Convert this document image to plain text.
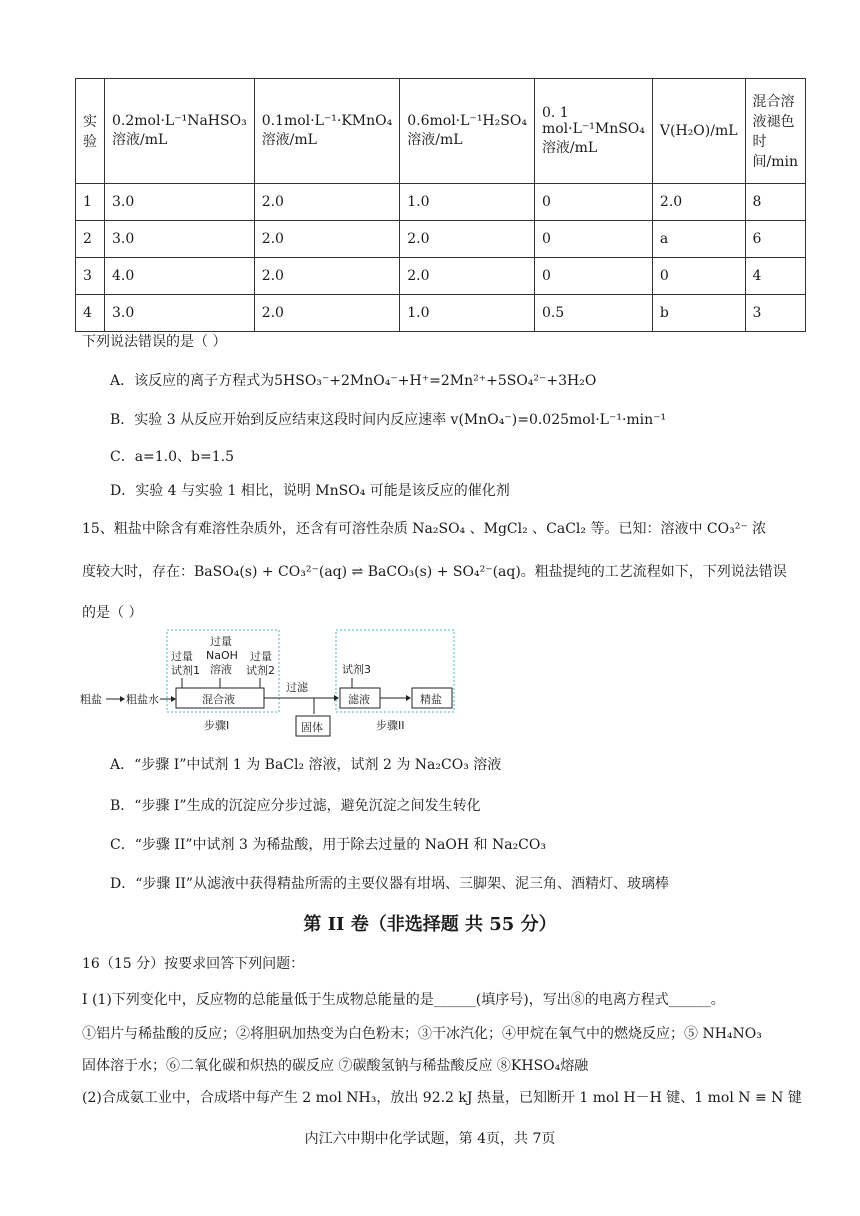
实验	0.2mol·L⁻¹NaHSO₃溶液/mL	0.1mol·L⁻¹·KMnO₄溶液/mL	0.6mol·L⁻¹H₂SO₄溶液/mL	0. 1 mol·L⁻¹MnSO₄溶液/mL	V(H₂O)/mL	混合溶液褪色时间/min
1	3.0	2.0	1.0	0	2.0	8
2	3.0	2.0	2.0	0	a	6
3	4.0	2.0	2.0	0	0	4
4	3.0	2.0	1.0	0.5	b	3
下列说法错误的是（ ）
A．该反应的离子方程式为5HSO₃⁻+2MnO₄⁻+H⁺=2Mn²⁺+5SO₄²⁻+3H₂O
B．实验 3 从反应开始到反应结束这段时间内反应速率 v(MnO₄⁻)=0.025mol·L⁻¹·min⁻¹
C．a=1.0、b=1.5
D．实验 4 与实验 1 相比，说明 MnSO₄ 可能是该反应的催化剂
15、粗盐中除含有难溶性杂质外，还含有可溶性杂质 Na₂SO₄ 、MgCl₂ 、CaCl₂ 等。已知：溶液中 CO₃²⁻ 浓
度较大时，存在：BaSO₄(s) + CO₃²⁻(aq) ⇌ BaCO₃(s) + SO₄²⁻(aq)。粗盐提纯的工艺流程如下，下列说法错误
的是（ ）
粗盐 粗盐水
过量
试剂1
过量
NaOH
溶液
过量
试剂2
混合液
步骤I
过滤
固体
试剂3
滤液	精盐
步骤II
A．“步骤 I”中试剂 1 为 BaCl₂ 溶液，试剂 2 为 Na₂CO₃ 溶液
B．“步骤 I”生成的沉淀应分步过滤，避免沉淀之间发生转化
C．“步骤 II”中试剂 3 为稀盐酸，用于除去过量的 NaOH 和 Na₂CO₃
D．“步骤 II”从滤液中获得精盐所需的主要仪器有坩埚、三脚架、泥三角、酒精灯、玻璃棒
第 II 卷（非选择题 共 55 分）
16（15 分）按要求回答下列问题：
I (1)下列变化中，反应物的总能量低于生成物总能量的是______(填序号)，写出⑧的电离方程式______。
①铝片与稀盐酸的反应；②将胆矾加热变为白色粉末；③干冰汽化；④甲烷在氧气中的燃烧反应；⑤ NH₄NO₃
固体溶于水；⑥二氧化碳和炽热的碳反应 ⑦碳酸氢钠与稀盐酸反应 ⑧KHSO₄熔融
(2)合成氨工业中，合成塔中每产生 2 mol NH₃，放出 92.2 kJ 热量，已知断开 1 mol H－H 键、1 mol N ≡ N 键
内江六中期中化学试题，第 4页，共 7页
